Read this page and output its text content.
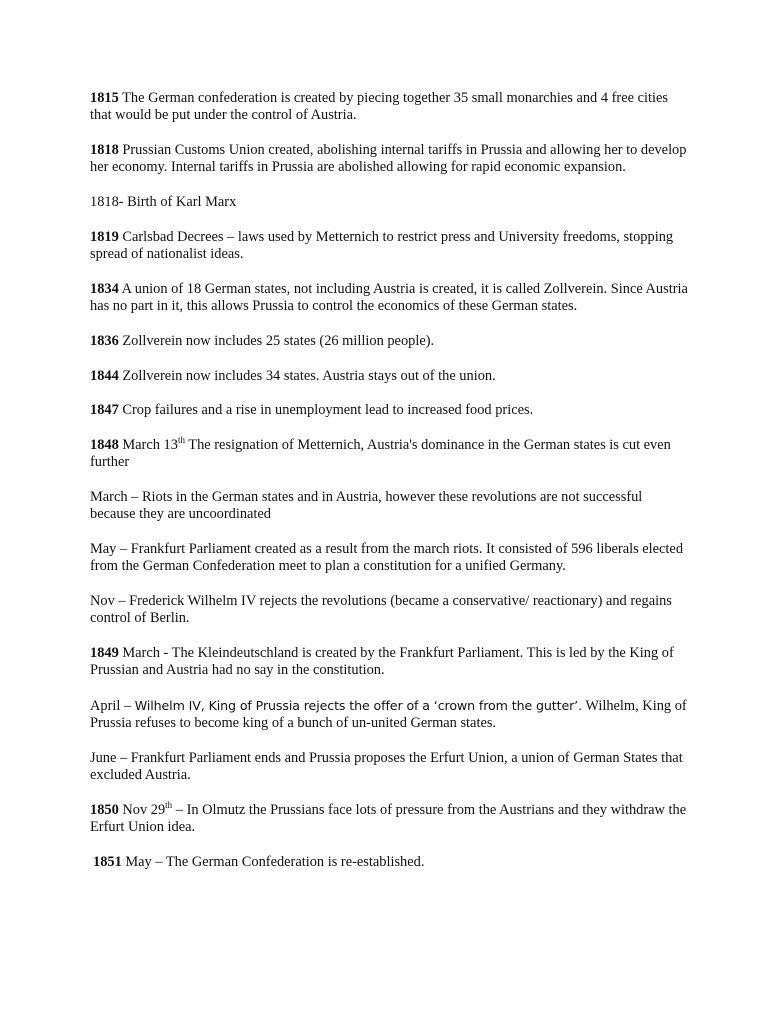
1815 The German confederation is created by piecing together 35 small monarchies and 4 free cities that would be put under the control of Austria.

1818 Prussian Customs Union created, abolishing internal tariffs in Prussia and allowing her to develop her economy. Internal tariffs in Prussia are abolished allowing for rapid economic expansion.

1818- Birth of Karl Marx

1819 Carlsbad Decrees – laws used by Metternich to restrict press and University freedoms, stopping spread of nationalist ideas.

1834 A union of 18 German states, not including Austria is created, it is called Zollverein. Since Austria has no part in it, this allows Prussia to control the economics of these German states.

1836 Zollverein now includes 25 states (26 million people).

1844 Zollverein now includes 34 states. Austria stays out of the union.

1847 Crop failures and a rise in unemployment lead to increased food prices.

1848 March 13th The resignation of Metternich, Austria's dominance in the German states is cut even further

March – Riots in the German states and in Austria, however these revolutions are not successful because they are uncoordinated

May – Frankfurt Parliament created as a result from the march riots. It consisted of 596 liberals elected from the German Confederation meet to plan a constitution for a unified Germany.

Nov – Frederick Wilhelm IV rejects the revolutions (became a conservative/ reactionary) and regains control of Berlin.

1849 March - The Kleindeutschland is created by the Frankfurt Parliament. This is led by the King of Prussian and Austria had no say in the constitution.

April – Wilhelm IV, King of Prussia rejects the offer of a ‘crown from the gutter’. Wilhelm, King of Prussia refuses to become king of a bunch of un-united German states.

June – Frankfurt Parliament ends and Prussia proposes the Erfurt Union, a union of German States that excluded Austria.

1850 Nov 29th – In Olmutz the Prussians face lots of pressure from the Austrians and they withdraw the Erfurt Union idea.

1851 May – The German Confederation is re-established.
